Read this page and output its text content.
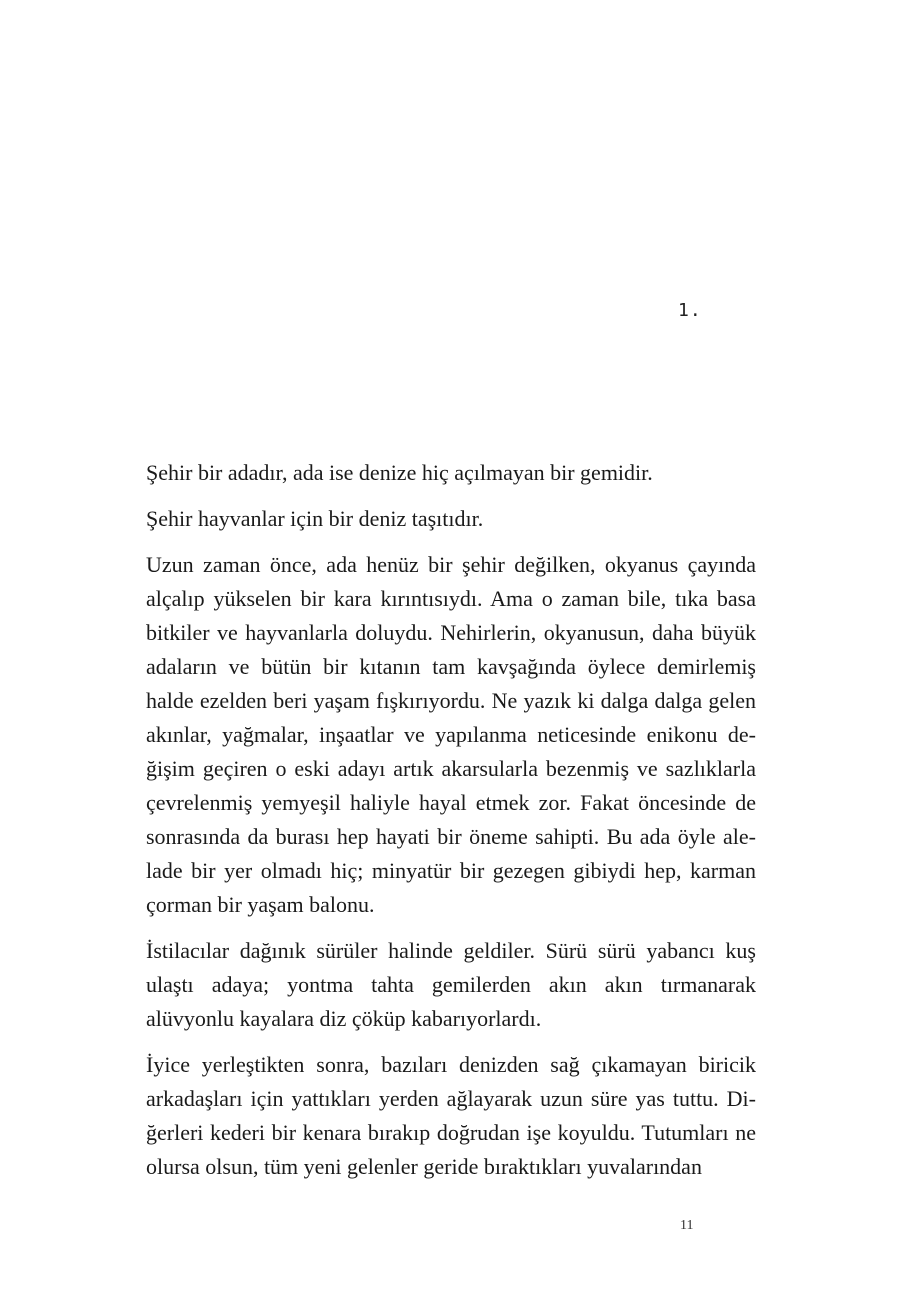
1.

Şehir bir adadır, ada ise denize hiç açılmayan bir gemidir.

Şehir hayvanlar için bir deniz taşıtıdır.

Uzun zaman önce, ada henüz bir şehir değilken, okyanus çayında alçalıp yükselen bir kara kırıntısıydı. Ama o zaman bile, tıka basa bitkiler ve hayvanlarla doluydu. Nehirlerin, okyanusun, daha büyük adaların ve bütün bir kıtanın tam kavşağında öylece demirlemiş halde ezelden beri yaşam fışkırıyordu. Ne yazık ki dalga dalga gelen akınlar, yağmalar, inşaatlar ve yapılanma neticesinde enikonu değişim geçiren o eski adayı artık akarsularla bezenmiş ve sazlıklarla çevrelenmiş yemyeşil haliyle hayal etmek zor. Fakat öncesinde de sonrasında da burası hep hayati bir öneme sahipti. Bu ada öyle alelade bir yer olmadı hiç; minyatür bir gezegen gibiydi hep, karman çorman bir yaşam balonu.

İstilacılar dağınık sürüler halinde geldiler. Sürü sürü yabancı kuş ulaştı adaya; yontma tahta gemilerden akın akın tırmanarak alüvyonlu kayalara diz çöküp kabarıyorlardı.

İyice yerleştikten sonra, bazıları denizden sağ çıkamayan biricik arkadaşları için yattıkları yerden ağlayarak uzun süre yas tuttu. Diğerleri kederi bir kenara bırakıp doğrudan işe koyuldu. Tutumları ne olursa olsun, tüm yeni gelenler geride bıraktıkları yuvalarından

11
